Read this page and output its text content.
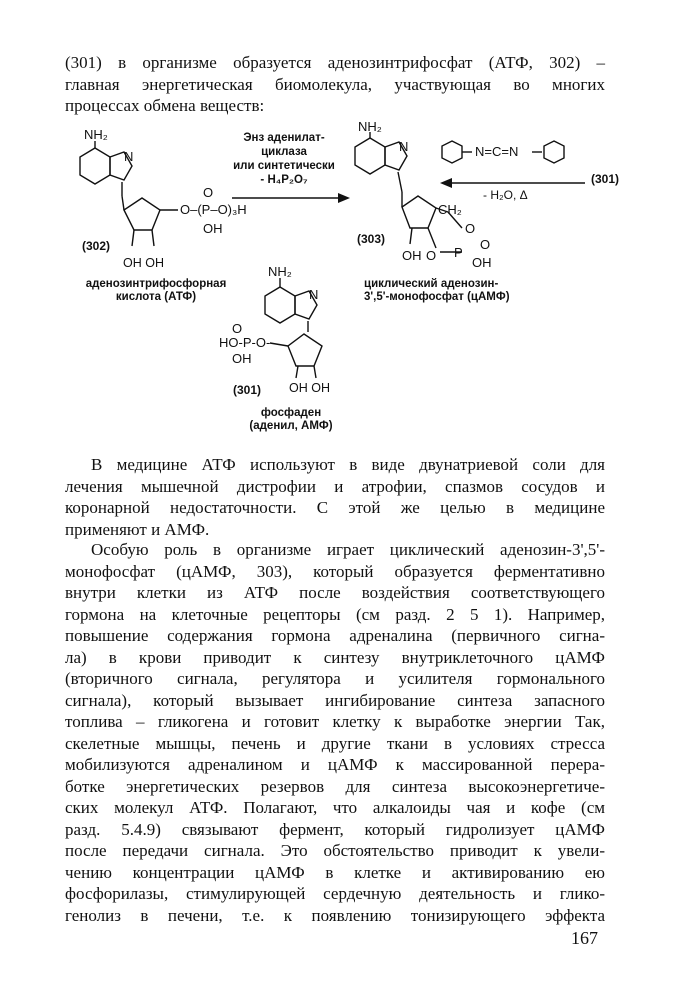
(301) в организме образуется аденозинтрифосфат (АТФ, 302) –
главная энергетическая биомолекула, участвующая во многих
процессах обмена веществ:
NH₂
N
O
O–(P–O)₃H
OH
OH OH
(302)
аденозинтрифосфорная
кислота (АТФ)
Энз аденилат-
циклаза
или синтетически
- H₄P₂O₇
NH₂
N
CH₂
O
P
O
OH
OH O
(303)
циклический аденозин-
3',5'-монофосфат (цАМФ)
N=C=N
- H₂O, Δ
(301)
NH₂
N
O
HO-P-O-
OH
OH OH
(301)
фосфаден
(аденил, АМФ)
В медицине АТФ используют в виде двунатриевой соли для
лечения мышечной дистрофии и атрофии, спазмов сосудов и
коронарной недостаточности. С этой же целью в медицине
применяют и АМФ.
Особую роль в организме играет циклический аденозин-3',5'-
монофосфат (цАМФ, 303), который образуется ферментативно
внутри клетки из АТФ после воздействия соответствующего
гормона на клеточные рецепторы (см разд. 2 5 1). Например,
повышение содержания гормона адреналина (первичного сигна-
ла) в крови приводит к синтезу внутриклеточного цАМФ
(вторичного сигнала, регулятора и усилителя гормонального
сигнала), который вызывает ингибирование синтеза запасного
топлива – гликогена и готовит клетку к выработке энергии Так,
скелетные мышцы, печень и другие ткани в условиях стресса
мобилизуются адреналином и цАМФ к массированной перера-
ботке энергетических резервов для синтеза высокоэнергетиче-
ских молекул АТФ. Полагают, что алкалоиды чая и кофе (см
разд. 5.4.9) связывают фермент, который гидролизует цАМФ
после передачи сигнала. Это обстоятельство приводит к увели-
чению концентрации цАМФ в клетке и активированию ею
фосфорилазы, стимулирующей сердечную деятельность и глико-
генолиз в печени, т.е. к появлению тонизирующего эффекта
167
